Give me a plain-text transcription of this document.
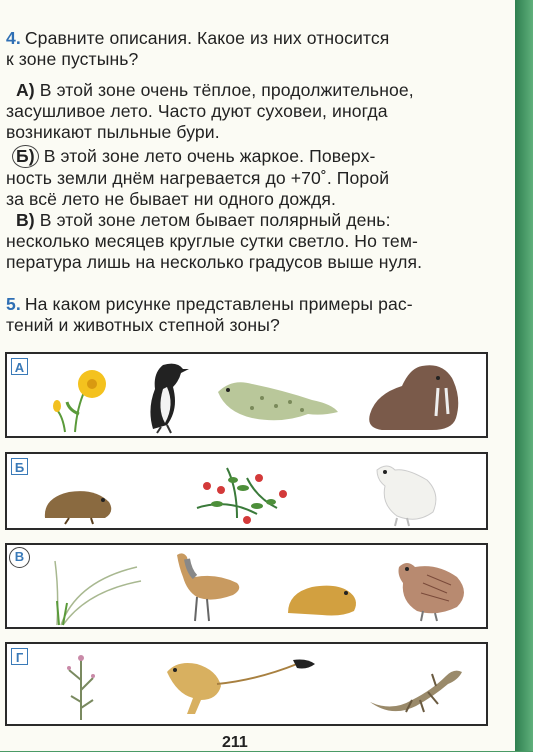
4. Сравните описания. Какое из них относится
к зоне пустынь?
А) В этой зоне очень тёплое, продолжительное,
засушливое лето. Часто дуют суховеи, иногда
возникают пыльные бури.
Б) В этой зоне лето очень жаркое. Поверх-
ность земли днём нагревается до +70˚. Порой
за всё лето не бывает ни одного дождя.
В) В этой зоне летом бывает полярный день:
несколько месяцев круглые сутки светло. Но тем-
пература лишь на несколько градусов выше нуля.
5. На каком рисунке представлены примеры рас-
тений и животных степной зоны?
А
Б
В
Г
211
